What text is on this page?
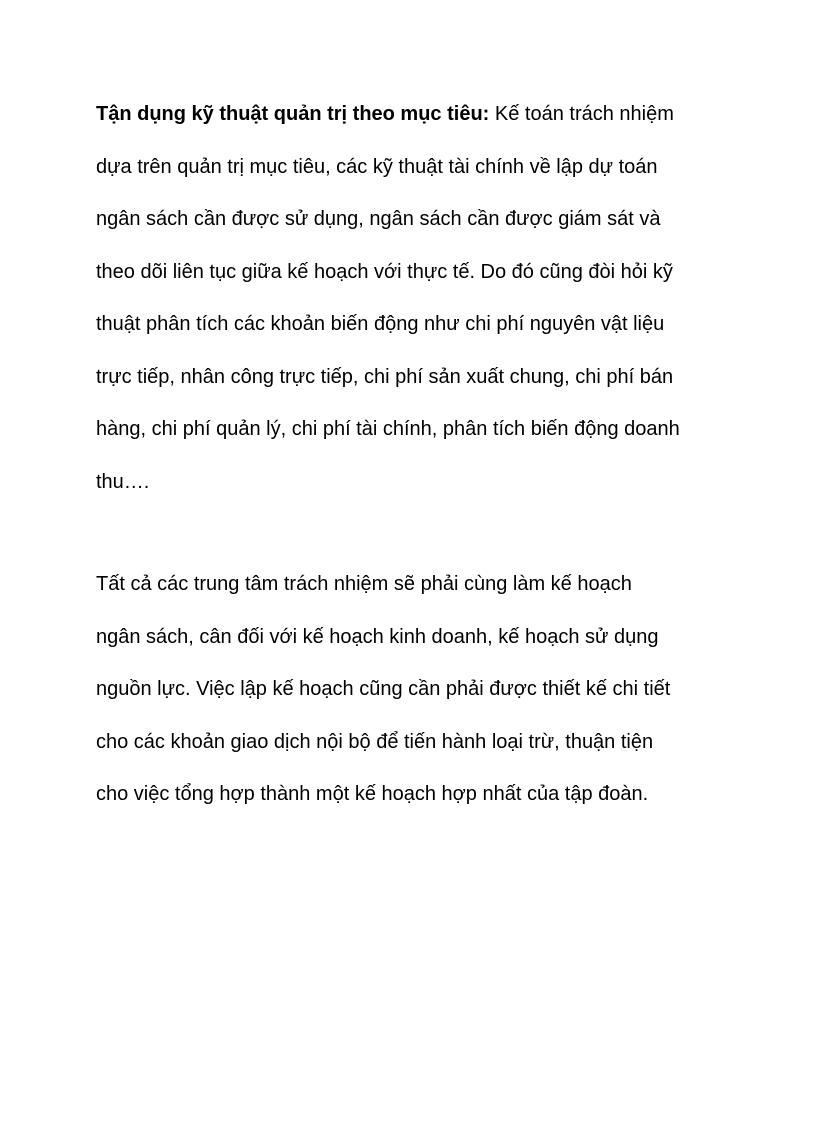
Tận dụng kỹ thuật quản trị theo mục tiêu: Kế toán trách nhiệm
dựa trên quản trị mục tiêu, các kỹ thuật tài chính về lập dự toán
ngân sách cần được sử dụng, ngân sách cần được giám sát và
theo dõi liên tục giữa kế hoạch với thực tế. Do đó cũng đòi hỏi kỹ
thuật phân tích các khoản biến động như chi phí nguyên vật liệu
trực tiếp, nhân công trực tiếp, chi phí sản xuất chung, chi phí bán
hàng, chi phí quản lý, chi phí tài chính, phân tích biến động doanh
thu….
Tất cả các trung tâm trách nhiệm sẽ phải cùng làm kế hoạch
ngân sách, cân đối với kế hoạch kinh doanh, kế hoạch sử dụng
nguồn lực. Việc lập kế hoạch cũng cần phải được thiết kế chi tiết
cho các khoản giao dịch nội bộ để tiến hành loại trừ, thuận tiện
cho việc tổng hợp thành một kế hoạch hợp nhất của tập đoàn.
